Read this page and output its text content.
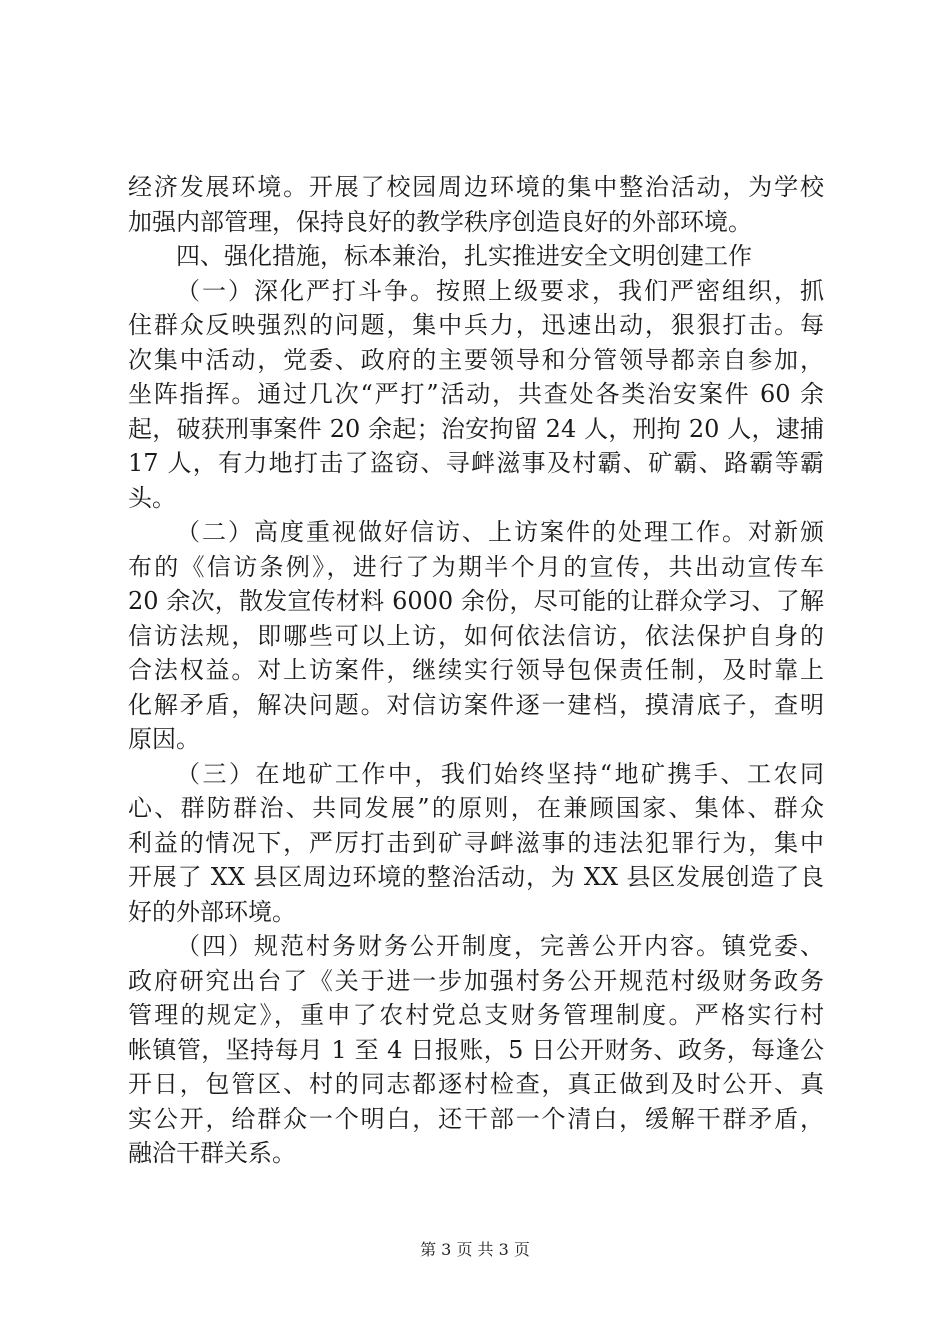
经济发展环境。开展了校园周边环境的集中整治活动，为学校
加强内部管理，保持良好的教学秩序创造良好的外部环境。
四、强化措施，标本兼治，扎实推进安全文明创建工作
（一）深化严打斗争。按照上级要求，我们严密组织，抓
住群众反映强烈的问题，集中兵力，迅速出动，狠狠打击。每
次集中活动，党委、政府的主要领导和分管领导都亲自参加，
坐阵指挥。通过几次“严打”活动，共查处各类治安案件 60 余
起，破获刑事案件 20 余起；治安拘留 24 人，刑拘 20 人，逮捕
17 人，有力地打击了盗窃、寻衅滋事及村霸、矿霸、路霸等霸
头。
（二）高度重视做好信访、上访案件的处理工作。对新颁
布的《信访条例》，进行了为期半个月的宣传，共出动宣传车
20 余次，散发宣传材料 6000 余份，尽可能的让群众学习、了解
信访法规，即哪些可以上访，如何依法信访，依法保护自身的
合法权益。对上访案件，继续实行领导包保责任制，及时靠上
化解矛盾，解决问题。对信访案件逐一建档，摸清底子，查明
原因。
（三）在地矿工作中，我们始终坚持“地矿携手、工农同
心、群防群治、共同发展”的原则，在兼顾国家、集体、群众
利益的情况下，严厉打击到矿寻衅滋事的违法犯罪行为，集中
开展了 XX 县区周边环境的整治活动，为 XX 县区发展创造了良
好的外部环境。
（四）规范村务财务公开制度，完善公开内容。镇党委、
政府研究出台了《关于进一步加强村务公开规范村级财务政务
管理的规定》，重申了农村党总支财务管理制度。严格实行村
帐镇管，坚持每月 1 至 4 日报账，5 日公开财务、政务，每逢公
开日，包管区、村的同志都逐村检查，真正做到及时公开、真
实公开，给群众一个明白，还干部一个清白，缓解干群矛盾，
融洽干群关系。
第 3 页 共 3 页
